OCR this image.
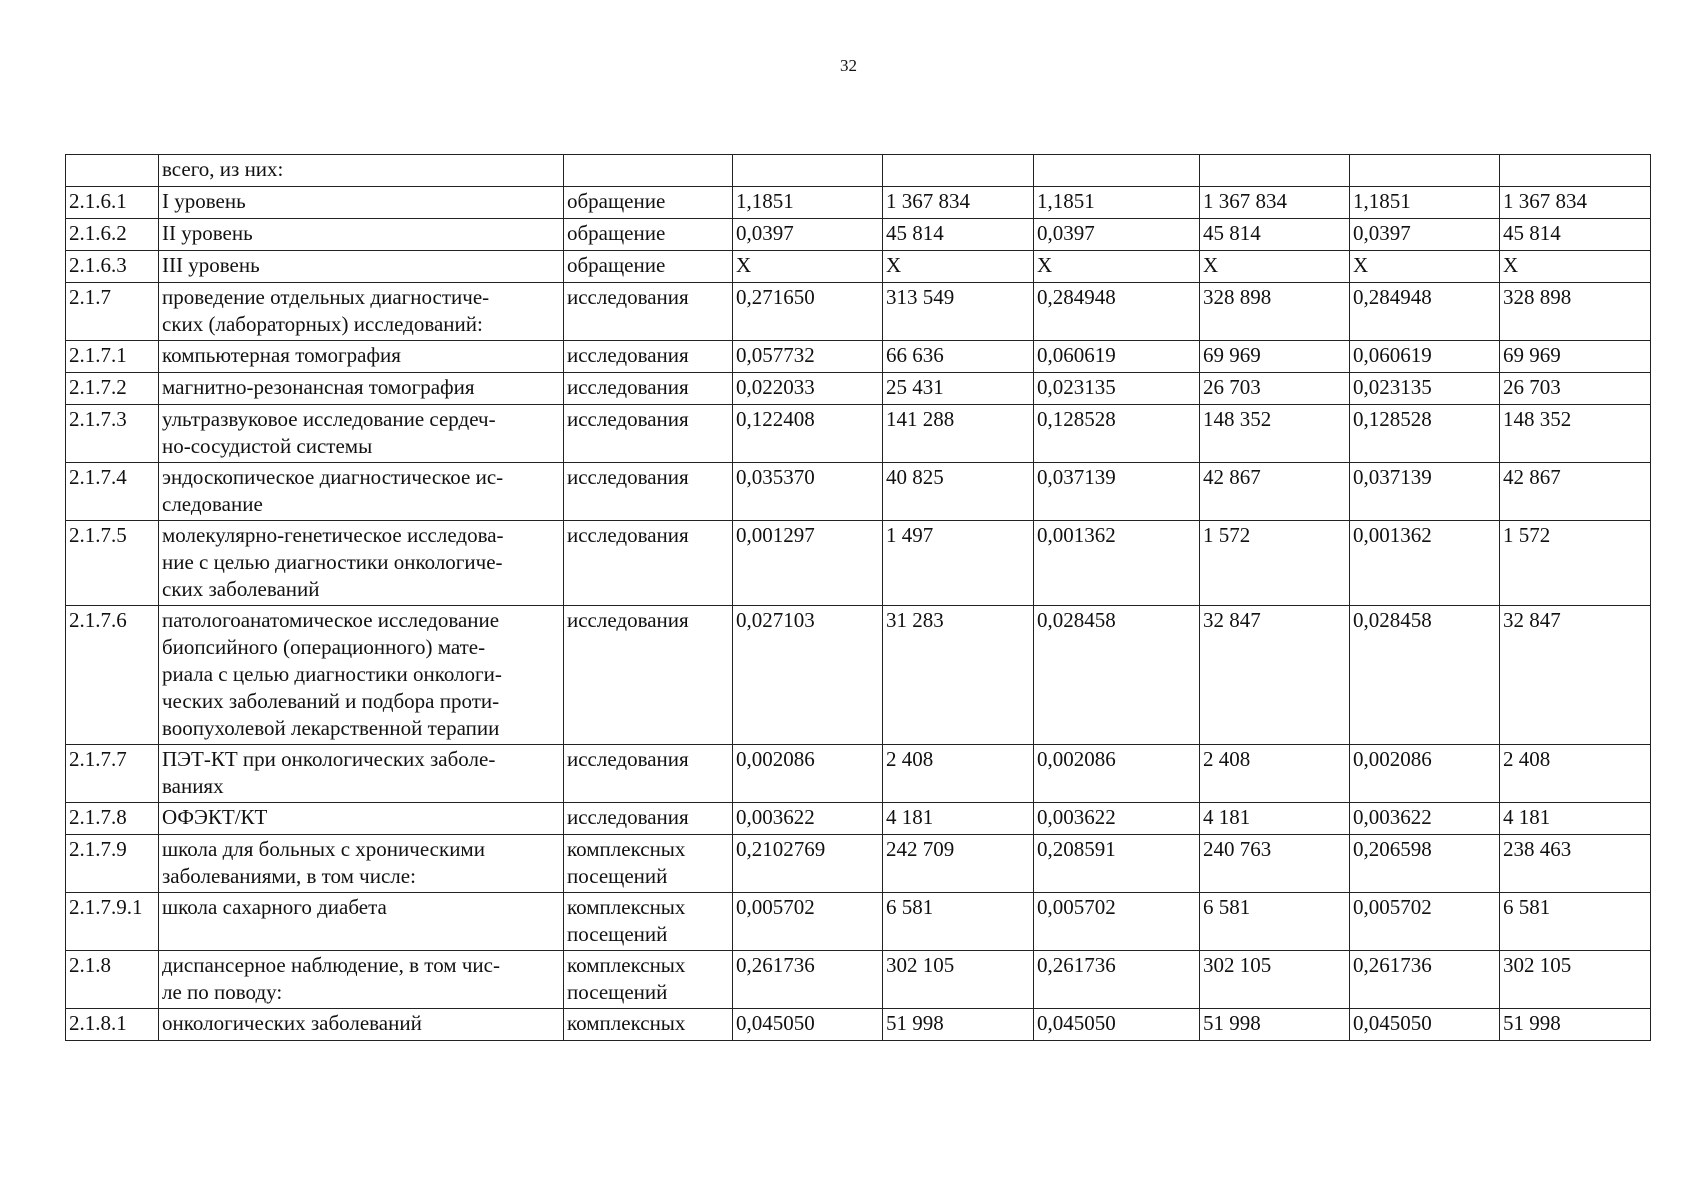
32

	всего, из них:							

2.1.6.1	I уровень	обращение	1,1851	1 367 834	1,1851	1 367 834	1,1851	1 367 834

2.1.6.2	II уровень	обращение	0,0397	45 814	0,0397	45 814	0,0397	45 814

2.1.6.3	III уровень	обращение	Х	Х	Х	Х	Х	Х

2.1.7	проведение отдельных диагностиче-
ских (лабораторных) исследований:	исследования	0,271650	313 549	0,284948	328 898	0,284948	328 898

2.1.7.1	компьютерная томография	исследования	0,057732	66 636	0,060619	69 969	0,060619	69 969

2.1.7.2	магнитно-резонансная томография	исследования	0,022033	25 431	0,023135	26 703	0,023135	26 703

2.1.7.3	ультразвуковое исследование сердеч-
но-сосудистой системы	исследования	0,122408	141 288	0,128528	148 352	0,128528	148 352

2.1.7.4	эндоскопическое диагностическое ис-
следование	исследования	0,035370	40 825	0,037139	42 867	0,037139	42 867

2.1.7.5	молекулярно-генетическое исследова-
ние с целью диагностики онкологиче-
ских заболеваний	исследования	0,001297	1 497	0,001362	1 572	0,001362	1 572

2.1.7.6	патологоанатомическое исследование
биопсийного (операционного) мате-
риала с целью диагностики онкологи-
ческих заболеваний и подбора проти-
воопухолевой лекарственной терапии	исследования	0,027103	31 283	0,028458	32 847	0,028458	32 847

2.1.7.7	ПЭТ-КТ при онкологических заболе-
ваниях	исследования	0,002086	2 408	0,002086	2 408	0,002086	2 408

2.1.7.8	ОФЭКТ/КТ	исследования	0,003622	4 181	0,003622	4 181	0,003622	4 181

2.1.7.9	школа для больных с хроническими
заболеваниями, в том числе:	комплексных
посещений	0,2102769	242 709	0,208591	240 763	0,206598	238 463

2.1.7.9.1	школа сахарного диабета	комплексных
посещений	0,005702	6 581	0,005702	6 581	0,005702	6 581

2.1.8	диспансерное наблюдение, в том чис-
ле по поводу:	комплексных
посещений	0,261736	302 105	0,261736	302 105	0,261736	302 105

2.1.8.1	онкологических заболеваний	комплексных	0,045050	51 998	0,045050	51 998	0,045050	51 998
